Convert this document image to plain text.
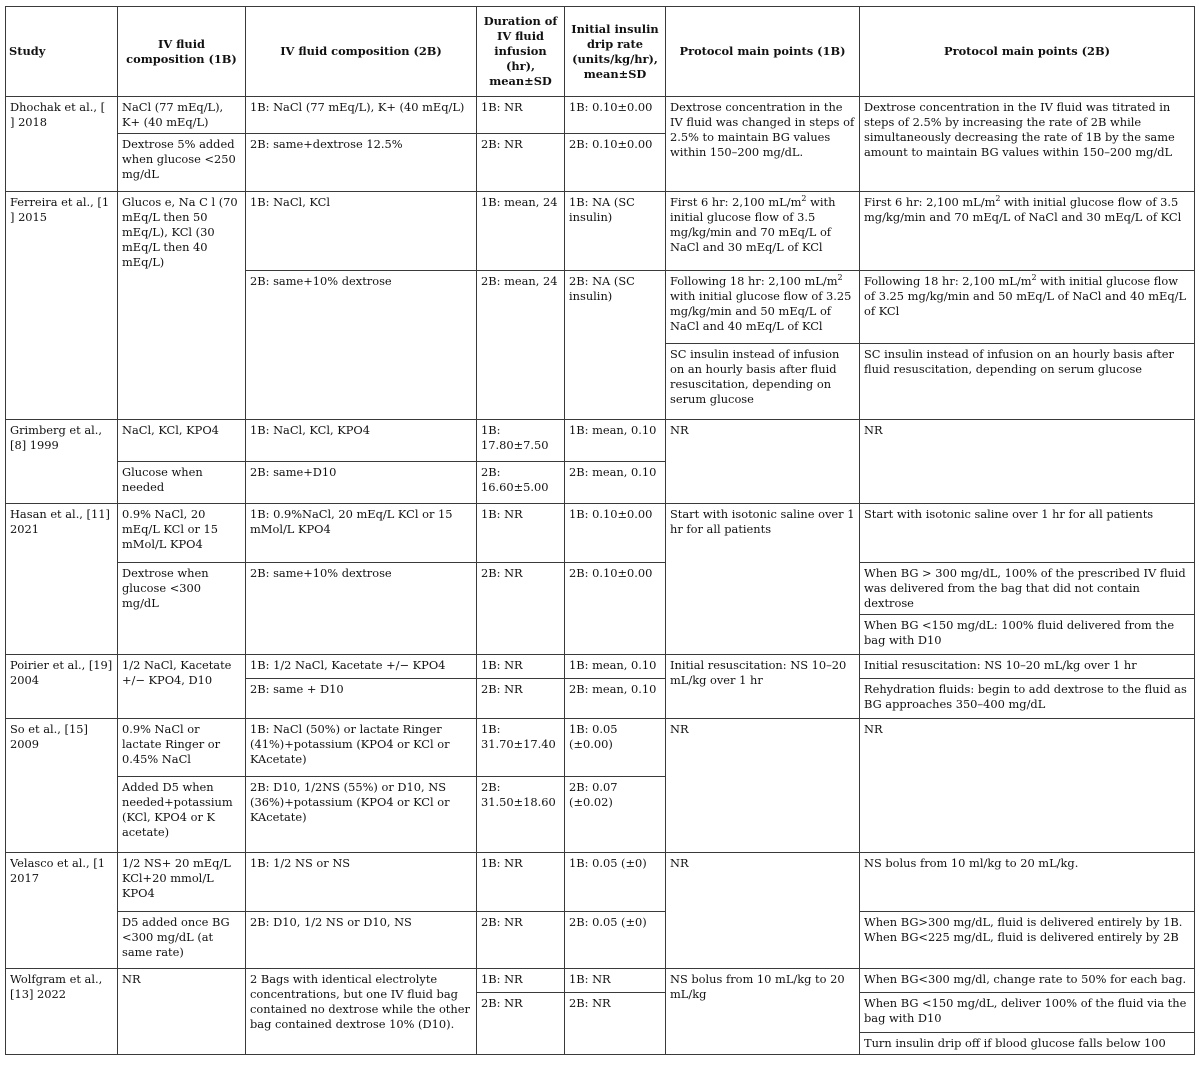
Study	IV fluid composition (1B)	IV fluid composition (2B)	Duration of IV fluid infusion (hr), mean±SD	Initial insulin drip rate (units/kg/hr), mean±SD	Protocol main points (1B)	Protocol main points (2B)

Dhochak et al., [
] 2018	NaCl (77 mEq/L), K+ (40 mEq/L)	1B: NaCl (77 mEq/L), K+ (40 mEq/L)	1B: NR	1B: 0.10±0.00	Dextrose concentration in the IV fluid was changed in steps of 2.5% to maintain BG values within 150–200 mg/dL.	Dextrose concentration in the IV fluid was titrated in steps of 2.5% by increasing the rate of 2B while simultaneously decreasing the rate of 1B by the same amount to maintain BG values within 150–200 mg/dL
	Dextrose 5% added when glucose <250 mg/dL	2B: same+dextrose 12.5%	2B: NR	2B: 0.10±0.00		

Ferreira et al., [1
] 2015	Glucos e, Na C l (70 mEq/L then 50 mEq/L), KCl (30 mEq/L then 40 mEq/L)	1B: NaCl, KCl	1B: mean, 24	1B: NA (SC insulin)	First 6 hr: 2,100 $mL/m^2$ with initial glucose flow of 3.5 mg/kg/min and 70 mEq/L of NaCl and 30 mEq/L of KCl	First 6 hr: 2,100 $mL/m^2$ with initial glucose flow of 3.5 mg/kg/min and 70 mEq/L of NaCl and 30 mEq/L of KCl
		2B: same+10% dextrose	2B: mean, 24	2B: NA (SC insulin)	Following 18 hr: 2,100 $mL/m^2$ with initial glucose flow of 3.25 mg/kg/min and 50 mEq/L of NaCl and 40 mEq/L of KCl	Following 18 hr: 2,100 $mL/m^2$ with initial glucose flow of 3.25 mg/kg/min and 50 mEq/L of NaCl and 40 mEq/L of KCl
					SC insulin instead of infusion on an hourly basis after fluid resuscitation, depending on serum glucose	SC insulin instead of infusion on an hourly basis after fluid resuscitation, depending on serum glucose
Grimberg et al., [8] 1999	NaCl, KCl, KPO4	1B: NaCl, KCl, KPO4	1B: 17.80±7.50	1B: mean, 0.10	NR	NR
	Glucose when needed	2B: same+D10	2B: 16.60±5.00	2B: mean, 0.10		
Hasan et al., [11] 2021	0.9% NaCl, 20 mEq/L KCl or 15 mMol/L KPO4	1B: 0.9%NaCl, 20 mEq/L KCl or 15 mMol/L KPO4	1B: NR	1B: 0.10±0.00	Start with isotonic saline over 1 hr for all patients	Start with isotonic saline over 1 hr for all patients
	Dextrose when glucose <300 mg/dL	2B: same+10% dextrose	2B: NR	2B: 0.10±0.00		When BG > 300 mg/dL, 100% of the prescribed IV fluid was delivered from the bag that did not contain dextrose
						When BG <150 mg/dL: 100% fluid delivered from the bag with D10
Poirier et al., [19] 2004	1/2 NaCl, Kacetate +/− KPO4, D10	1B: 1/2 NaCl, Kacetate +/− KPO4	1B: NR	1B: mean, 0.10	Initial resuscitation: NS 10–20 mL/kg over 1 hr	Initial resuscitation: NS 10–20 mL/kg over 1 hr
		2B: same + D10	2B: NR	2B: mean, 0.10		Rehydration fluids: begin to add dextrose to the fluid as BG approaches 350–400 mg/dL
So et al., [15] 2009	0.9% NaCl or lactate Ringer or 0.45% NaCl	1B: NaCl (50%) or lactate Ringer (41%)+potassium (KPO4 or KCl or KAcetate)	1B: 31.70±17.40	1B: 0.05 (±0.00)	NR	NR
	Added D5 when needed+potassium (KCl, KPO4 or K acetate)	2B: D10, 1/2NS (55%) or D10, NS (36%)+potassium (KPO4 or KCl or KAcetate)	2B: 31.50±18.60	2B: 0.07 (±0.02)		

Velasco et al., [1
2017	1/2 NS+ 20 mEq/L KCl+20 mmol/L KPO4	1B: 1/2 NS or NS	1B: NR	1B: 0.05 (±0)	NR	NS bolus from 10 ml/kg to 20 mL/kg.
	D5 added once BG <300 mg/dL (at same rate)	2B: D10, 1/2 NS or D10, NS	2B: NR	2B: 0.05 (±0)		When BG>300 mg/dL, fluid is delivered entirely by 1B. When BG<225 mg/dL, fluid is delivered entirely by 2B
Wolfgram et al., [13] 2022	NR	2 Bags with identical electrolyte concentrations, but one IV fluid bag contained no dextrose while the other bag contained dextrose 10% (D10).	1B: NR	1B: NR	NS bolus from 10 mL/kg to 20 mL/kg	When BG<300 mg/dl, change rate to 50% for each bag.
			2B: NR	2B: NR		When BG <150 mg/dL, deliver 100% of the fluid via the bag with D10

						Turn insulin drip off if blood glucose falls below 100
